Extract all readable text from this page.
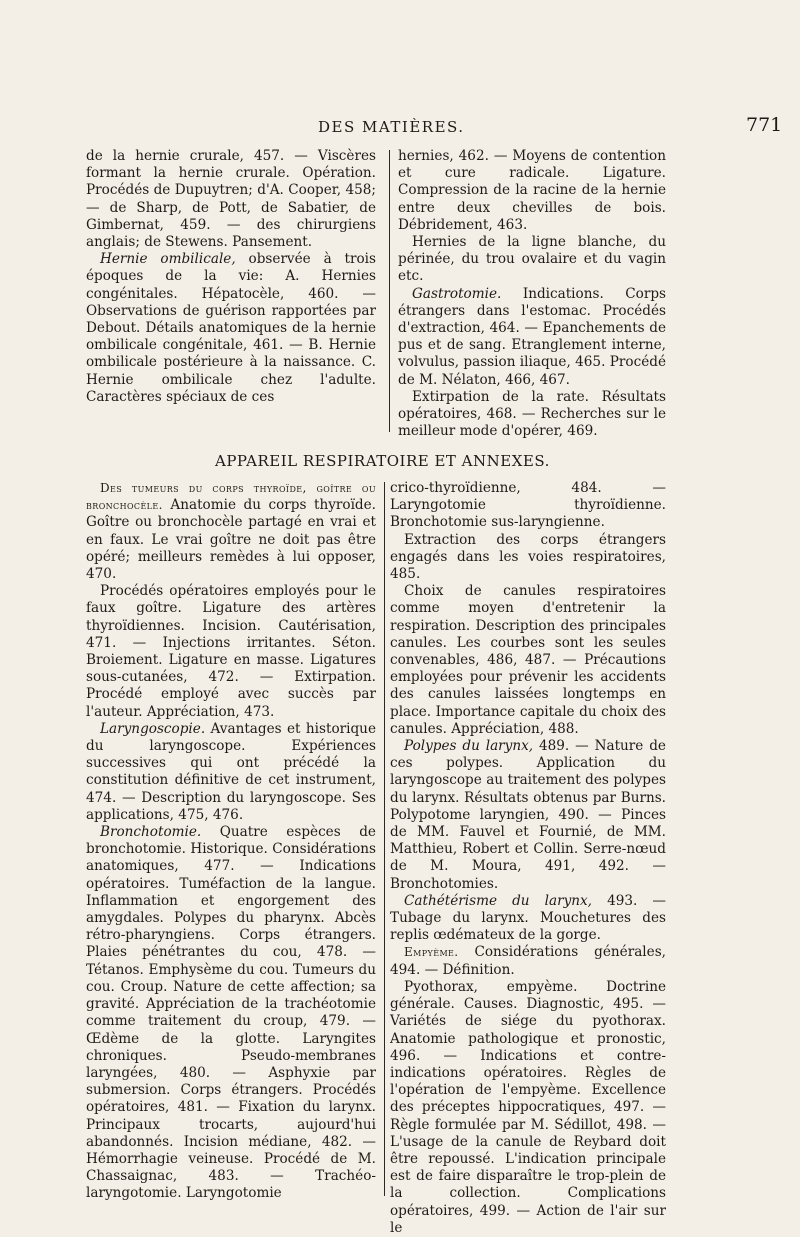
DES MATIÈRES.	771

de la hernie crurale, 457. — Viscères formant la hernie crurale. Opération. Procédés de Dupuytren; d'A. Cooper, 458; — de Sharp, de Pott, de Sabatier, de Gimbernat, 459. — des chirurgiens anglais; de Stewens. Pansement.

Hernie ombilicale, observée à trois époques de la vie: A. Hernies congénitales. Hépatocèle, 460. — Observations de guérison rapportées par Debout. Détails anatomiques de la hernie ombilicale congénitale, 461. — B. Hernie ombilicale postérieure à la naissance. C. Hernie ombilicale chez l'adulte. Caractères spéciaux de ces

hernies, 462. — Moyens de contention et cure radicale. Ligature. Compression de la racine de la hernie entre deux chevilles de bois. Débridement, 463.

Hernies de la ligne blanche, du périnée, du trou ovalaire et du vagin etc.

Gastrotomie. Indications. Corps étrangers dans l'estomac. Procédés d'extraction, 464. — Epanchements de pus et de sang. Etranglement interne, volvulus, passion iliaque, 465. Procédé de M. Nélaton, 466, 467.

Extirpation de la rate. Résultats opératoires, 468. — Recherches sur le meilleur mode d'opérer, 469.

APPAREIL RESPIRATOIRE ET ANNEXES.

Des tumeurs du corps thyroïde, goître ou bronchocèle. Anatomie du corps thyroïde. Goître ou bronchocèle partagé en vrai et en faux. Le vrai goître ne doit pas être opéré; meilleurs remèdes à lui opposer, 470.

Procédés opératoires employés pour le faux goître. Ligature des artères thyroïdiennes. Incision. Cautérisation, 471. — Injections irritantes. Séton. Broiement. Ligature en masse. Ligatures sous-cutanées, 472. — Extirpation. Procédé employé avec succès par l'auteur. Appréciation, 473.

Laryngoscopie. Avantages et historique du laryngoscope. Expériences successives qui ont précédé la constitution définitive de cet instrument, 474. — Description du laryngoscope. Ses applications, 475, 476.

Bronchotomie. Quatre espèces de bronchotomie. Historique. Considérations anatomiques, 477. — Indications opératoires. Tuméfaction de la langue. Inflammation et engorgement des amygdales. Polypes du pharynx. Abcès rétro-pharyngiens. Corps étrangers. Plaies pénétrantes du cou, 478. — Tétanos. Emphysème du cou. Tumeurs du cou. Croup. Nature de cette affection; sa gravité. Appréciation de la trachéotomie comme traitement du croup, 479. — Œdème de la glotte. Laryngites chroniques. Pseudo-membranes laryngées, 480. — Asphyxie par submersion. Corps étrangers. Procédés opératoires, 481. — Fixation du larynx. Principaux trocarts, aujourd'hui abandonnés. Incision médiane, 482. — Hémorrhagie veineuse. Procédé de M. Chassaignac, 483. — Trachéo-laryngotomie. Laryngotomie

crico-thyroïdienne, 484. — Laryngotomie thyroïdienne. Bronchotomie sus-laryngienne.

Extraction des corps étrangers engagés dans les voies respiratoires, 485.

Choix de canules respiratoires comme moyen d'entretenir la respiration. Description des principales canules. Les courbes sont les seules convenables, 486, 487. — Précautions employées pour prévenir les accidents des canules laissées longtemps en place. Importance capitale du choix des canules. Appréciation, 488.

Polypes du larynx, 489. — Nature de ces polypes. Application du laryngoscope au traitement des polypes du larynx. Résultats obtenus par Burns. Polypotome laryngien, 490. — Pinces de MM. Fauvel et Fournié, de MM. Matthieu, Robert et Collin. Serre-nœud de M. Moura, 491, 492. — Bronchotomies.

Cathétérisme du larynx, 493. — Tubage du larynx. Mouchetures des replis œdémateux de la gorge.

Empyème. Considérations générales, 494. — Définition.

Pyothorax, empyème. Doctrine générale. Causes. Diagnostic, 495. — Variétés de siége du pyothorax. Anatomie pathologique et pronostic, 496. — Indications et contre-indications opératoires. Règles de l'opération de l'empyème. Excellence des préceptes hippocratiques, 497. — Règle formulée par M. Sédillot, 498. — L'usage de la canule de Reybard doit être repoussé. L'indication principale est de faire disparaître le trop-plein de la collection. Complications opératoires, 499. — Action de l'air sur le
